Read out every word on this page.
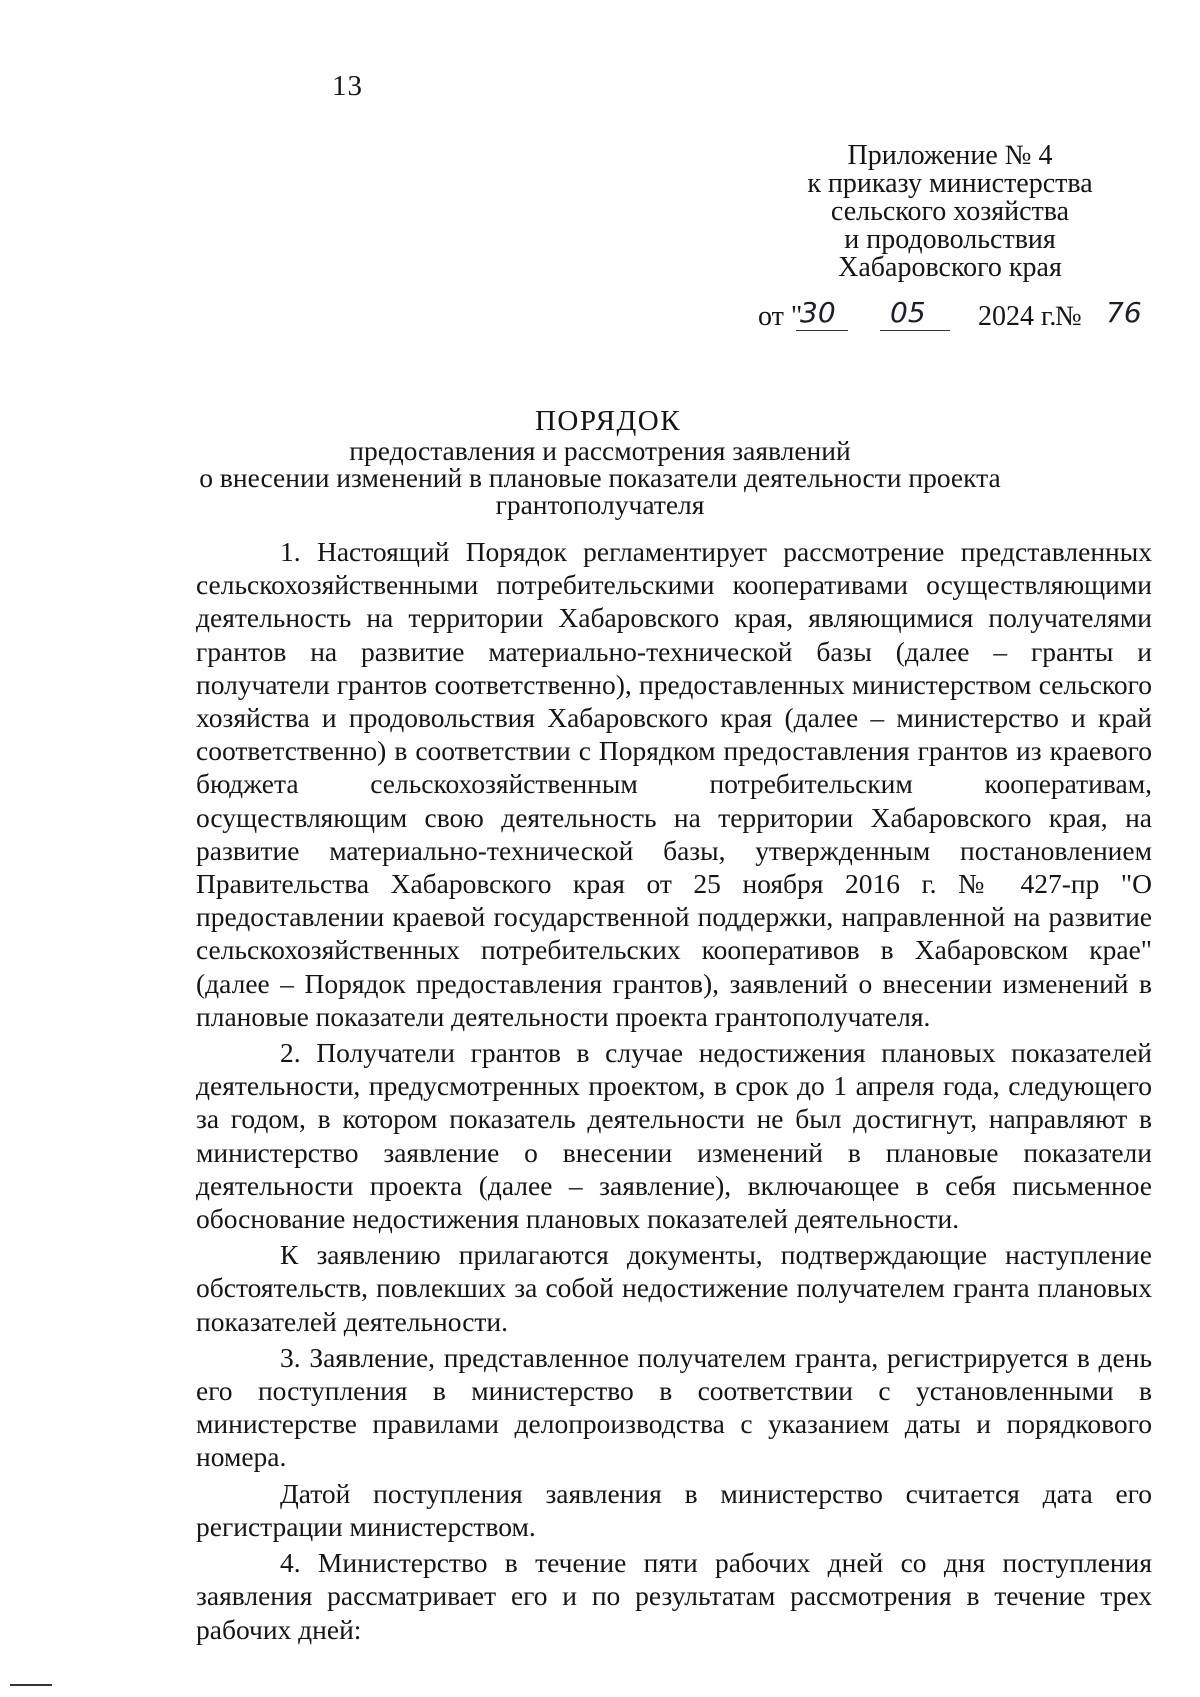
13
Приложение № 4
к приказу министерства
сельского хозяйства
и продовольствия
Хабаровского края
от "
30 05 2024 г.
№ 76
ПОРЯДОК
предоставления и рассмотрения заявлений
о внесении изменений в плановые показатели деятельности проекта
грантополучателя

1. Настоящий Порядок регламентирует рассмотрение представленных сельскохозяйственными потребительскими кооперативами осуществляющими деятельность на территории Хабаровского края, являющимися получателями грантов на развитие материально-технической базы (далее – гранты и получатели грантов соответственно), предоставленных министерством сельского хозяйства и продовольствия Хабаровского края (далее – министерство и край соответственно) в соответствии с Порядком предоставления грантов из краевого бюджета сельскохозяйственным потребительским кооперативам, осуществляющим свою деятельность на территории Хабаровского края, на развитие материально-технической базы, утвержденным постановлением Правительства Хабаровского края от 25 ноября 2016 г. № 427-пр "О предоставлении краевой государственной поддержки, направленной на развитие сельскохозяйственных потребительских кооперативов в Хабаровском крае" (далее – Порядок предоставления грантов), заявлений о внесении изменений в плановые показатели деятельности проекта грантополучателя.

2. Получатели грантов в случае недостижения плановых показателей деятельности, предусмотренных проектом, в срок до 1 апреля года, следующего за годом, в котором показатель деятельности не был достигнут, направляют в министерство заявление о внесении изменений в плановые показатели деятельности проекта (далее – заявление), включающее в себя письменное обоснование недостижения плановых показателей деятельности.

К заявлению прилагаются документы, подтверждающие наступление обстоятельств, повлекших за собой недостижение получателем гранта плановых показателей деятельности.

3. Заявление, представленное получателем гранта, регистрируется в день его поступления в министерство в соответствии с установленными в министерстве правилами делопроизводства с указанием даты и порядкового номера.

Датой поступления заявления в министерство считается дата его регистрации министерством.

4. Министерство в течение пяти рабочих дней со дня поступления заявления рассматривает его и по результатам рассмотрения в течение трех рабочих дней:
